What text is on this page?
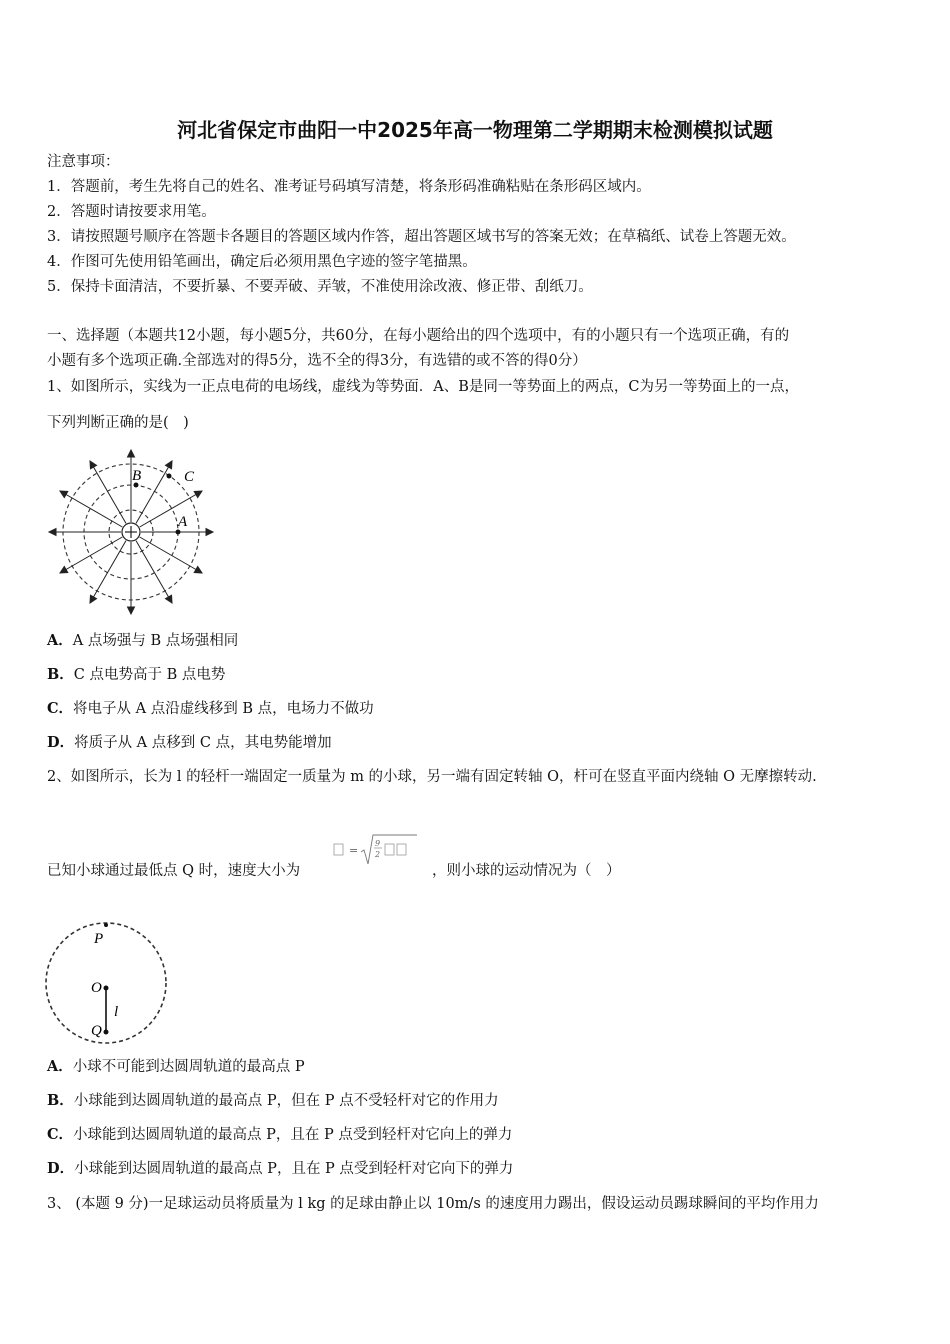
河北省保定市曲阳一中2025年高一物理第二学期期末检测模拟试题
注意事项：
1．答题前，考生先将自己的姓名、准考证号码填写清楚，将条形码准确粘贴在条形码区域内。
2．答题时请按要求用笔。
3．请按照题号顺序在答题卡各题目的答题区域内作答，超出答题区域书写的答案无效；在草稿纸、试卷上答题无效。
4．作图可先使用铅笔画出，确定后必须用黑色字迹的签字笔描黑。
5．保持卡面清洁，不要折暴、不要弄破、弄皱，不准使用涂改液、修正带、刮纸刀。
一、选择题（本题共12小题，每小题5分，共60分，在每小题给出的四个选项中，有的小题只有一个选项正确，有的
小题有多个选项正确.全部选对的得5分，选不全的得3分，有选错的或不答的得0分）
1、如图所示，实线为一正点电荷的电场线，虚线为等势面．A、B是同一等势面上的两点，C为另一等势面上的一点，
下列判断正确的是(　)
B	C
A
A．A 点场强与 B 点场强相同
B．C 点电势高于 B 点电势
C．将电子从 A 点沿虚线移到 B 点，电场力不做功
D．将质子从 A 点移到 C 点，其电势能增加
2、如图所示，长为 l 的轻杆一端固定一质量为 m 的小球，另一端有固定转轴 O，杆可在竖直平面内绕轴 O 无摩擦转动.
已知小球通过最低点 Q 时，速度大小为
=
9
2
，则小球的运动情况为（　）
P
O
Q
l
A．小球不可能到达圆周轨道的最高点 P
B．小球能到达圆周轨道的最高点 P，但在 P 点不受轻杆对它的作用力
C．小球能到达圆周轨道的最高点 P，且在 P 点受到轻杆对它向上的弹力
D．小球能到达圆周轨道的最高点 P，且在 P 点受到轻杆对它向下的弹力
3、 (本题 9 分)一足球运动员将质量为 l kg 的足球由静止以 10m/s 的速度用力踢出，假设运动员踢球瞬间的平均作用力
